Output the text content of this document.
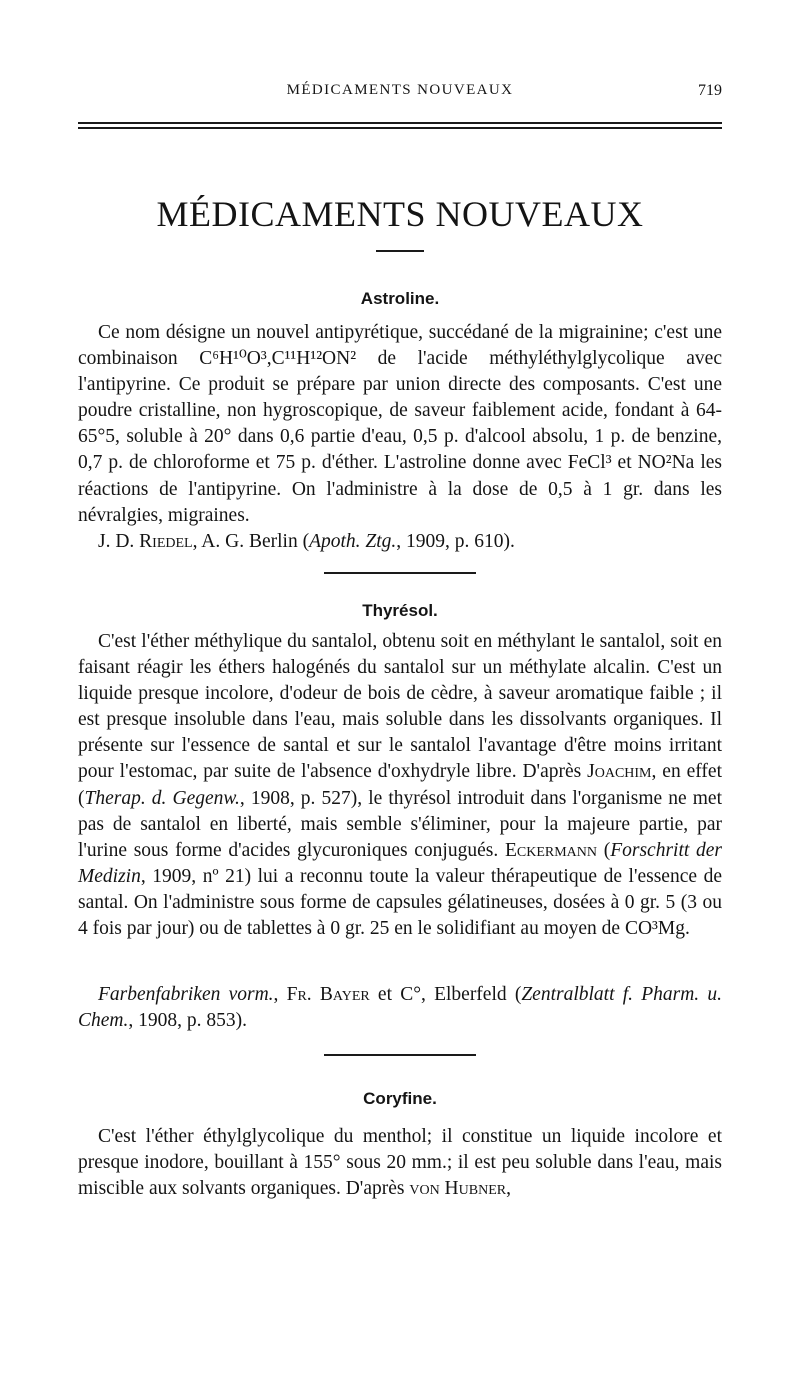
MÉDICAMENTS NOUVEAUX	719
MÉDICAMENTS NOUVEAUX
Astroline.

Ce nom désigne un nouvel antipyrétique, succédané de la migrainine; c'est une combinaison C⁶H¹⁰O³,C¹¹H¹²ON² de l'acide méthyléthylglycolique avec l'antipyrine. Ce produit se prépare par union directe des composants. C'est une poudre cristalline, non hygroscopique, de saveur faiblement acide, fondant à 64-65°5, soluble à 20° dans 0,6 partie d'eau, 0,5 p. d'alcool absolu, 1 p. de benzine, 0,7 p. de chloroforme et 75 p. d'éther. L'astroline donne avec FeCl³ et NO²Na les réactions de l'antipyrine. On l'administre à la dose de 0,5 à 1 gr. dans les névralgies, migraines.

J. D. Riedel, A. G. Berlin (Apoth. Ztg., 1909, p. 610).

Thyrésol.

C'est l'éther méthylique du santalol, obtenu soit en méthylant le santalol, soit en faisant réagir les éthers halogénés du santalol sur un méthylate alcalin. C'est un liquide presque incolore, d'odeur de bois de cèdre, à saveur aromatique faible ; il est presque insoluble dans l'eau, mais soluble dans les dissolvants organiques. Il présente sur l'essence de santal et sur le santalol l'avantage d'être moins irritant pour l'estomac, par suite de l'absence d'oxhydryle libre. D'après Joachim, en effet (Therap. d. Gegenw., 1908, p. 527), le thyrésol introduit dans l'organisme ne met pas de santalol en liberté, mais semble s'éliminer, pour la majeure partie, par l'urine sous forme d'acides glycuroniques conjugués. Eckermann (Forschritt der Medizin, 1909, nº 21) lui a reconnu toute la valeur thérapeutique de l'essence de santal. On l'administre sous forme de capsules gélatineuses, dosées à 0 gr. 5 (3 ou 4 fois par jour) ou de tablettes à 0 gr. 25 en le solidifiant au moyen de CO³Mg.

Farbenfabriken vorm., Fr. Bayer et C°, Elberfeld (Zentralblatt f. Pharm. u. Chem., 1908, p. 853).

Coryfine.

C'est l'éther éthylglycolique du menthol; il constitue un liquide incolore et presque inodore, bouillant à 155° sous 20 mm.; il est peu soluble dans l'eau, mais miscible aux solvants organiques. D'après von Hubner,
